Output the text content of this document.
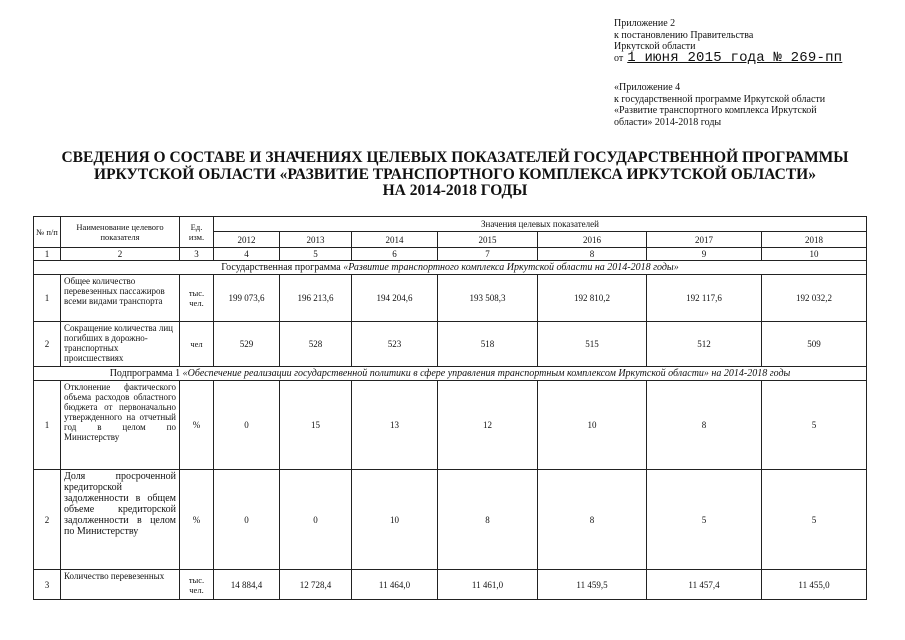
Приложение 2
к постановлению Правительства
Иркутской области
от 1 июня 2015 года № 269-пп
«Приложение 4
к государственной программе Иркутской области
«Развитие транспортного комплекса Иркутской
области» 2014-2018 годы
СВЕДЕНИЯ О СОСТАВЕ И ЗНАЧЕНИЯХ ЦЕЛЕВЫХ ПОКАЗАТЕЛЕЙ ГОСУДАРСТВЕННОЙ ПРОГРАММЫ
ИРКУТСКОЙ ОБЛАСТИ «РАЗВИТИЕ ТРАНСПОРТНОГО КОМПЛЕКСА ИРКУТСКОЙ ОБЛАСТИ»
НА 2014-2018 ГОДЫ
№ п/п	Наименование целевого показателя	Ед. изм.	Значения целевых показателей						
			2012	2013	2014	2015	2016	2017	2018
1	2	3	4	5	6	7	8	9	10
Государственная программа «Развитие транспортного комплекса Иркутской области на 2014-2018 годы»									
1	Общее количество перевезенных пассажиров всеми видами транспорта	тыс. чел.	199 073,6	196 213,6	194 204,6	193 508,3	192 810,2	192 117,6	192 032,2
2	Сокращение количества лиц погибших в дорожно-транспортных происшествиях	чел	529	528	523	518	515	512	509
Подпрограмма 1 «Обеспечение реализации государственной политики в сфере управления транспортным комплексом Иркутской области» на 2014-2018 годы									
1	Отклонение фактического объема расходов областного бюджета от первоначально утвержденного на отчетный год в целом по Министерству	%	0	15	13	12	10	8	5
2	Доля просроченной кредиторской задолженности в общем объеме кредиторской задолженности в целом по Министерству	%	0	0	10	8	8	5	5
3	Количество перевезенных	тыс. чел.	14 884,4	12 728,4	11 464,0	11 461,0	11 459,5	11 457,4	11 455,0
